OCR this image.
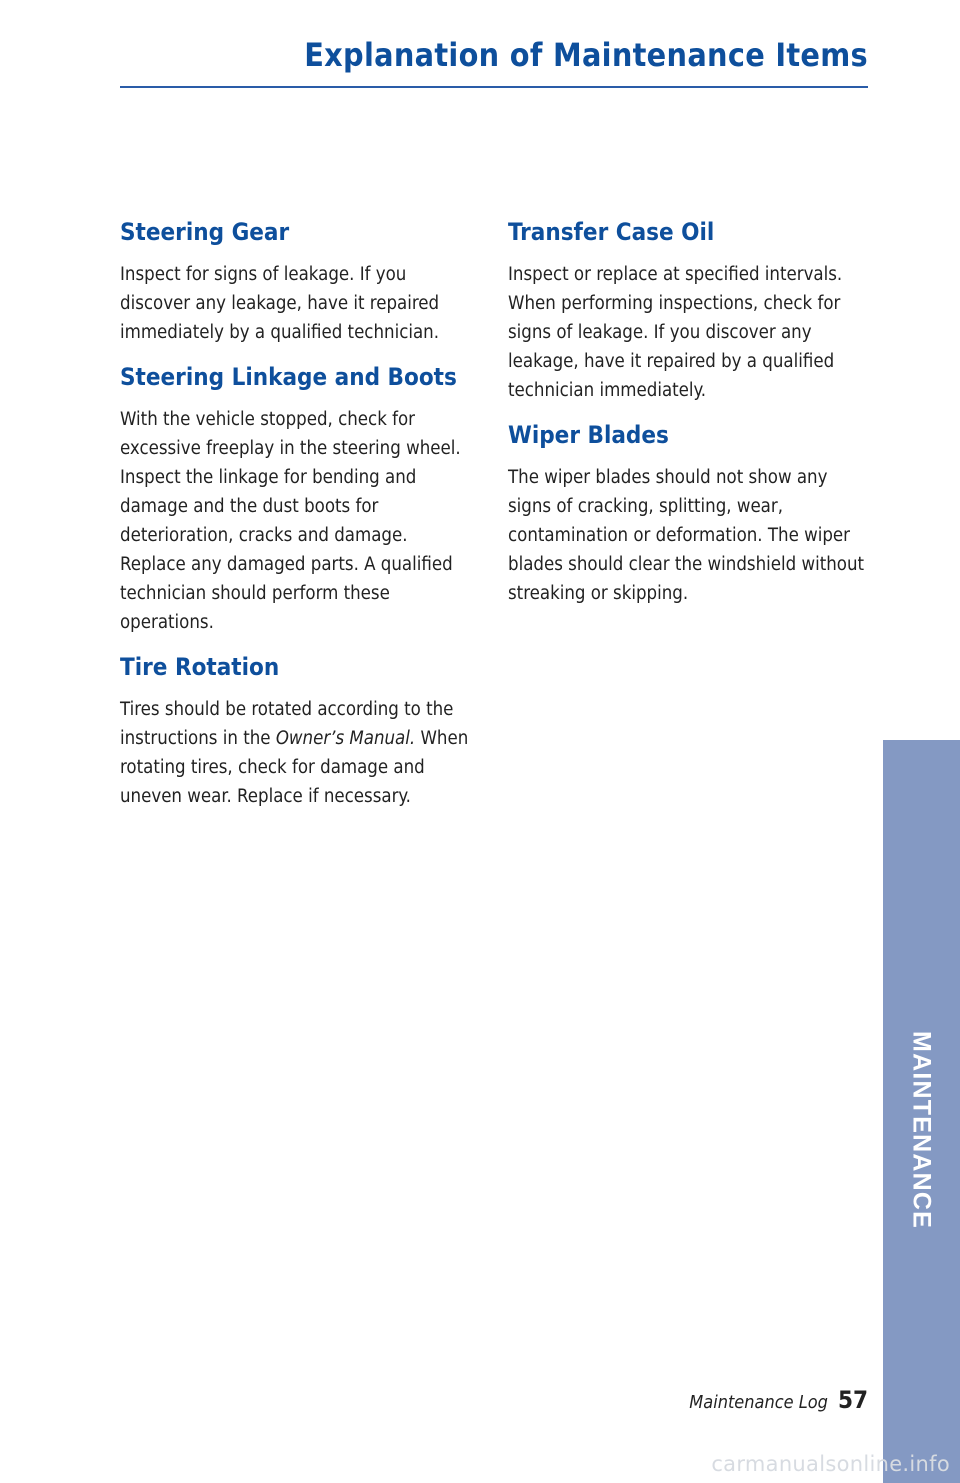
Explanation of Maintenance Items
Steering Gear

Inspect for signs of leakage. If you discover any leakage, have it repaired immediately by a qualified technician.

Steering Linkage and Boots

With the vehicle stopped, check for excessive freeplay in the steering wheel. Inspect the linkage for bending and damage and the dust boots for deterioration, cracks and damage. Replace any damaged parts. A qualified technician should perform these operations.

Tire Rotation

Tires should be rotated according to the instructions in the Owner’s Manual. When rotating tires, check for damage and uneven wear. Replace if necessary.

Transfer Case Oil

Inspect or replace at specified intervals. When performing inspections, check for signs of leakage. If you discover any leakage, have it repaired by a qualified technician immediately.

Wiper Blades

The wiper blades should not show any signs of cracking, splitting, wear, contamination or deformation. The wiper blades should clear the windshield without streaking or skipping.

MAINTENANCE
Maintenance Log 57
carmanualsonline.info
